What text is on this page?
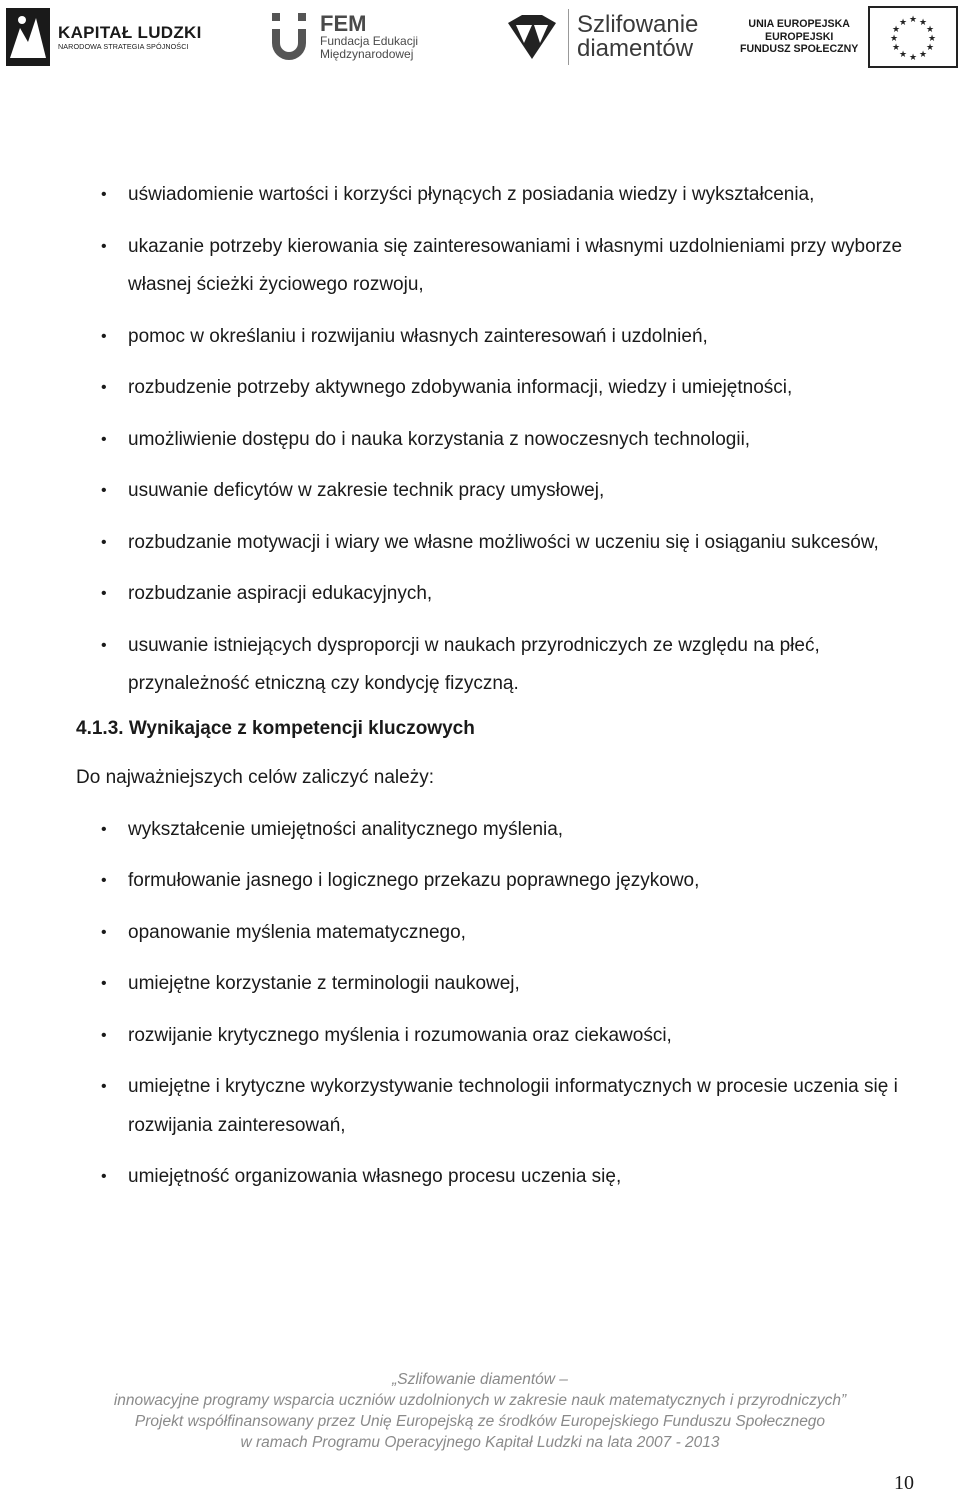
KAPITAŁ LUDZKI
NARODOWA STRATEGIA SPÓJNOŚCI
FEM
Fundacja Edukacji
Międzynarodowej
Szlifowanie
diamentów
UNIA EUROPEJSKA
EUROPEJSKI
FUNDUSZ SPOŁECZNY
★ ★
★
★
★
★
★
★
★
★
★
★
• uświadomienie wartości i korzyści płynących z posiadania wiedzy i wykształcenia,
• ukazanie potrzeby kierowania się zainteresowaniami i własnymi uzdolnieniami przy wyborze własnej ścieżki życiowego rozwoju,
• pomoc w określaniu i rozwijaniu własnych zainteresowań i uzdolnień,
• rozbudzenie potrzeby aktywnego zdobywania informacji, wiedzy i umiejętności,
• umożliwienie dostępu do i nauka korzystania z nowoczesnych technologii,
• usuwanie deficytów w zakresie technik pracy umysłowej,
• rozbudzanie motywacji i wiary we własne możliwości w uczeniu się i osiąganiu sukcesów,
• rozbudzanie aspiracji edukacyjnych,
• usuwanie istniejących dysproporcji w naukach przyrodniczych ze względu na płeć, przynależność etniczną czy kondycję fizyczną.
4.1.3. Wynikające z kompetencji kluczowych
Do najważniejszych celów zaliczyć należy:
• wykształcenie umiejętności analitycznego myślenia,
• formułowanie jasnego i logicznego przekazu poprawnego językowo,
• opanowanie myślenia matematycznego,
• umiejętne korzystanie z terminologii naukowej,
• rozwijanie krytycznego myślenia i rozumowania oraz ciekawości,
• umiejętne i krytyczne wykorzystywanie technologii informatycznych w procesie uczenia się i rozwijania zainteresowań,
• umiejętność organizowania własnego procesu uczenia się,
„Szlifowanie diamentów –
innowacyjne programy wsparcia uczniów uzdolnionych w zakresie nauk matematycznych i przyrodniczych”
Projekt współfinansowany przez Unię Europejską ze środków Europejskiego Funduszu Społecznego
w ramach Programu Operacyjnego Kapitał Ludzki na lata 2007 - 2013
10
